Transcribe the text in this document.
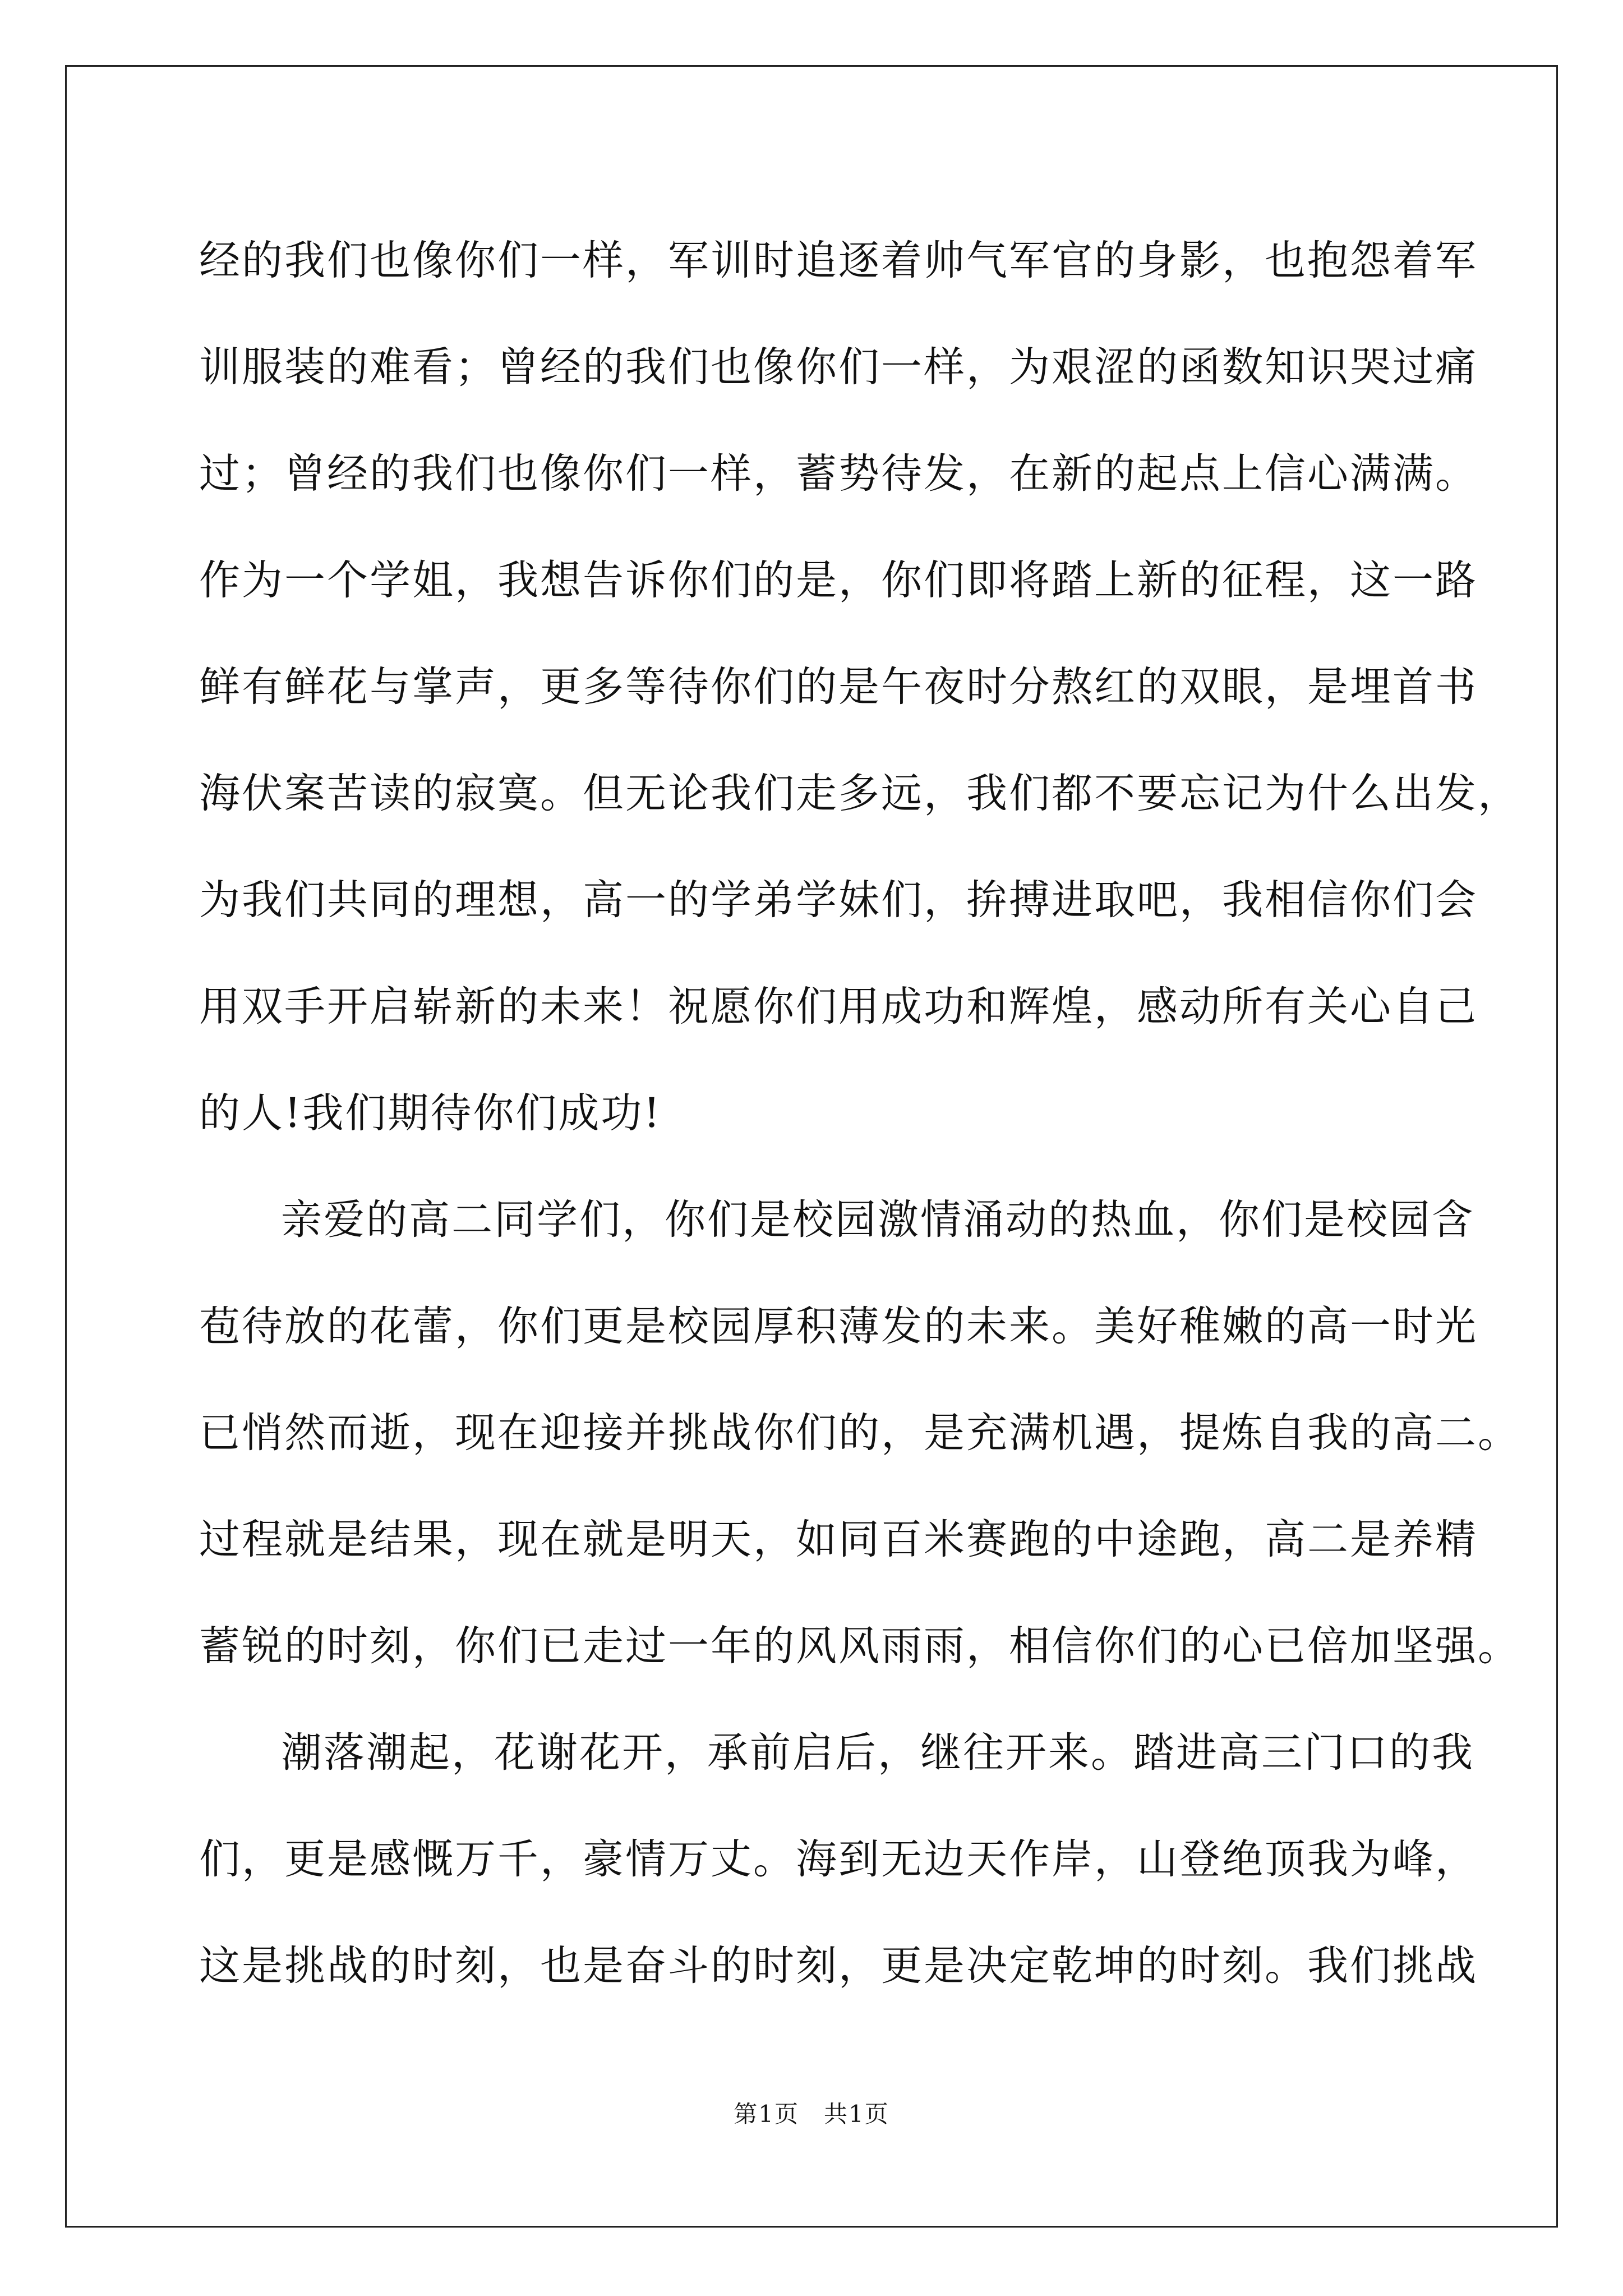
经的我们也像你们一样，军训时追逐着帅气军官的身影，也抱怨着军
训服装的难看；曾经的我们也像你们一样，为艰涩的函数知识哭过痛
过；曾经的我们也像你们一样，蓄势待发，在新的起点上信心满满。
作为一个学姐，我想告诉你们的是，你们即将踏上新的征程，这一路
鲜有鲜花与掌声，更多等待你们的是午夜时分熬红的双眼，是埋首书
海伏案苦读的寂寞。但无论我们走多远，我们都不要忘记为什么出发，
为我们共同的理想，高一的学弟学妹们，拚搏进取吧，我相信你们会
用双手开启崭新的未来！祝愿你们用成功和辉煌，感动所有关心自己
的人!我们期待你们成功!
亲爱的高二同学们，你们是校园激情涌动的热血，你们是校园含
苞待放的花蕾，你们更是校园厚积薄发的未来。美好稚嫩的高一时光
已悄然而逝，现在迎接并挑战你们的，是充满机遇，提炼自我的高二。
过程就是结果，现在就是明天，如同百米赛跑的中途跑，高二是养精
蓄锐的时刻，你们已走过一年的风风雨雨，相信你们的心已倍加坚强。
潮落潮起，花谢花开，承前启后，继往开来。踏进高三门口的我
们，更是感慨万千，豪情万丈。海到无边天作岸，山登绝顶我为峰，
这是挑战的时刻，也是奋斗的时刻，更是决定乾坤的时刻。我们挑战
第1页　共1页
